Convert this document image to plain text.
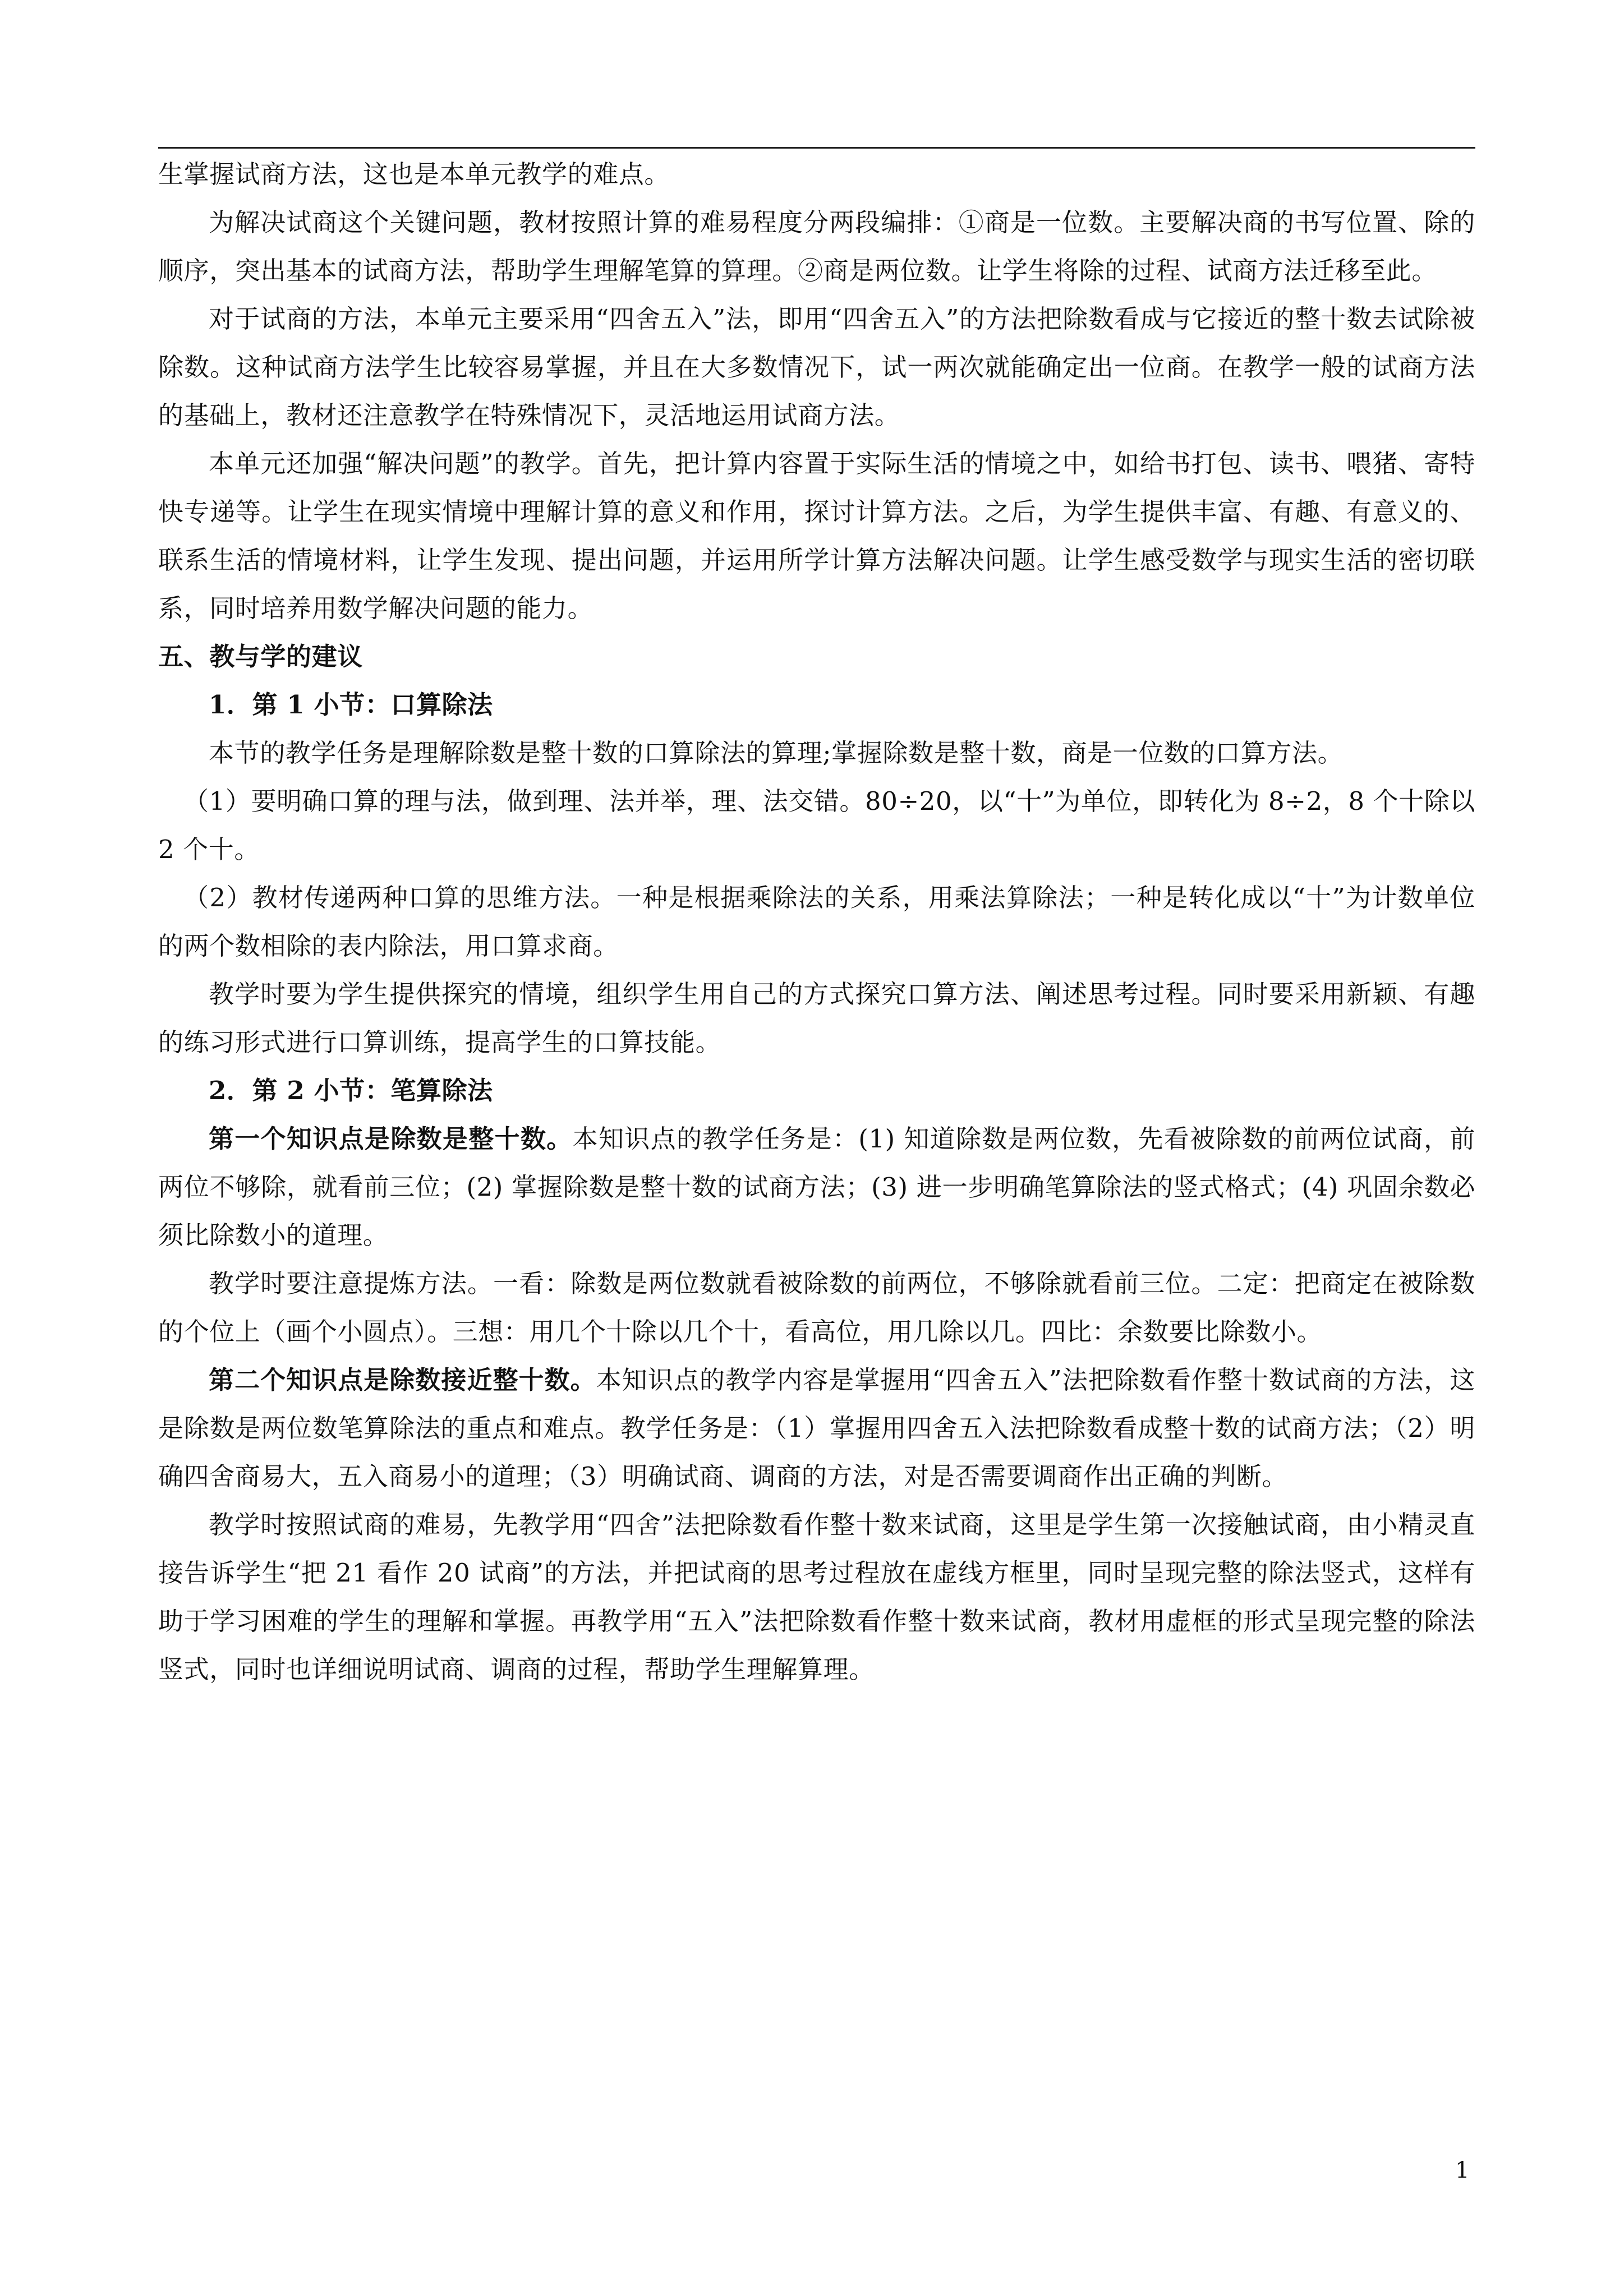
生掌握试商方法，这也是本单元教学的难点。

为解决试商这个关键问题，教材按照计算的难易程度分两段编排：①商是一位数。主要解决商的书写位置、除的顺序，突出基本的试商方法，帮助学生理解笔算的算理。②商是两位数。让学生将除的过程、试商方法迁移至此。

对于试商的方法，本单元主要采用“四舍五入”法，即用“四舍五入”的方法把除数看成与它接近的整十数去试除被除数。这种试商方法学生比较容易掌握，并且在大多数情况下，试一两次就能确定出一位商。在教学一般的试商方法的基础上，教材还注意教学在特殊情况下，灵活地运用试商方法。

本单元还加强“解决问题”的教学。首先，把计算内容置于实际生活的情境之中，如给书打包、读书、喂猪、寄特快专递等。让学生在现实情境中理解计算的意义和作用，探讨计算方法。之后，为学生提供丰富、有趣、有意义的、联系生活的情境材料，让学生发现、提出问题，并运用所学计算方法解决问题。让学生感受数学与现实生活的密切联系，同时培养用数学解决问题的能力。

五、教与学的建议

1．第 1 小节：口算除法

本节的教学任务是理解除数是整十数的口算除法的算理;掌握除数是整十数，商是一位数的口算方法。

（1）要明确口算的理与法，做到理、法并举，理、法交错。80÷20，以“十”为单位，即转化为 8÷2，8 个十除以 2 个十。

（2）教材传递两种口算的思维方法。一种是根据乘除法的关系，用乘法算除法；一种是转化成以“十”为计数单位的两个数相除的表内除法，用口算求商。

教学时要为学生提供探究的情境，组织学生用自己的方式探究口算方法、阐述思考过程。同时要采用新颖、有趣的练习形式进行口算训练，提高学生的口算技能。

2．第 2 小节：笔算除法

第一个知识点是除数是整十数。本知识点的教学任务是：(1) 知道除数是两位数，先看被除数的前两位试商，前两位不够除，就看前三位；(2) 掌握除数是整十数的试商方法；(3) 进一步明确笔算除法的竖式格式；(4) 巩固余数必须比除数小的道理。

教学时要注意提炼方法。一看：除数是两位数就看被除数的前两位，不够除就看前三位。二定：把商定在被除数的个位上（画个小圆点）。三想：用几个十除以几个十，看高位，用几除以几。四比：余数要比除数小。

第二个知识点是除数接近整十数。本知识点的教学内容是掌握用“四舍五入”法把除数看作整十数试商的方法，这是除数是两位数笔算除法的重点和难点。教学任务是：（1）掌握用四舍五入法把除数看成整十数的试商方法；（2）明确四舍商易大，五入商易小的道理；（3）明确试商、调商的方法，对是否需要调商作出正确的判断。

教学时按照试商的难易，先教学用“四舍”法把除数看作整十数来试商，这里是学生第一次接触试商，由小精灵直接告诉学生“把 21 看作 20 试商”的方法，并把试商的思考过程放在虚线方框里，同时呈现完整的除法竖式，这样有助于学习困难的学生的理解和掌握。再教学用“五入”法把除数看作整十数来试商，教材用虚框的形式呈现完整的除法竖式，同时也详细说明试商、调商的过程，帮助学生理解算理。

1
